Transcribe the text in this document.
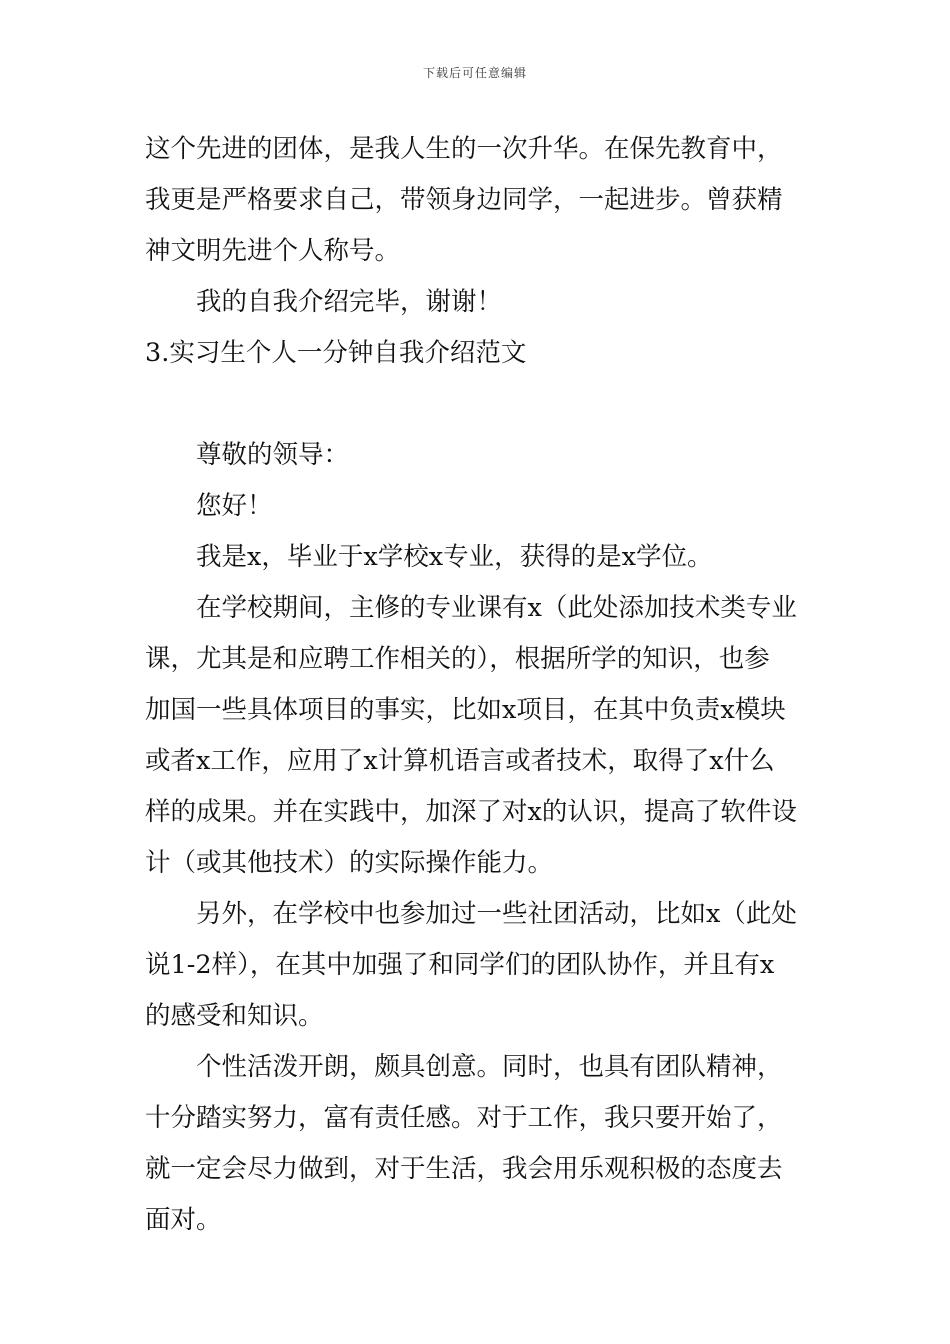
下载后可任意编辑
这个先进的团体，是我人生的一次升华。在保先教育中，
我更是严格要求自己，带领身边同学，一起进步。曾获精
神文明先进个人称号。
我的自我介绍完毕，谢谢！
3.实习生个人一分钟自我介绍范文
尊敬的领导：
您好！
我是x，毕业于x学校x专业，获得的是x学位。
在学校期间，主修的专业课有x（此处添加技术类专业
课，尤其是和应聘工作相关的），根据所学的知识，也参
加国一些具体项目的事实，比如x项目，在其中负责x模块
或者x工作，应用了x计算机语言或者技术，取得了x什么
样的成果。并在实践中，加深了对x的认识，提高了软件设
计（或其他技术）的实际操作能力。
另外，在学校中也参加过一些社团活动，比如x（此处
说1-2样），在其中加强了和同学们的团队协作，并且有x
的感受和知识。
个性活泼开朗，颇具创意。同时，也具有团队精神，
十分踏实努力，富有责任感。对于工作，我只要开始了，
就一定会尽力做到，对于生活，我会用乐观积极的态度去
面对。
